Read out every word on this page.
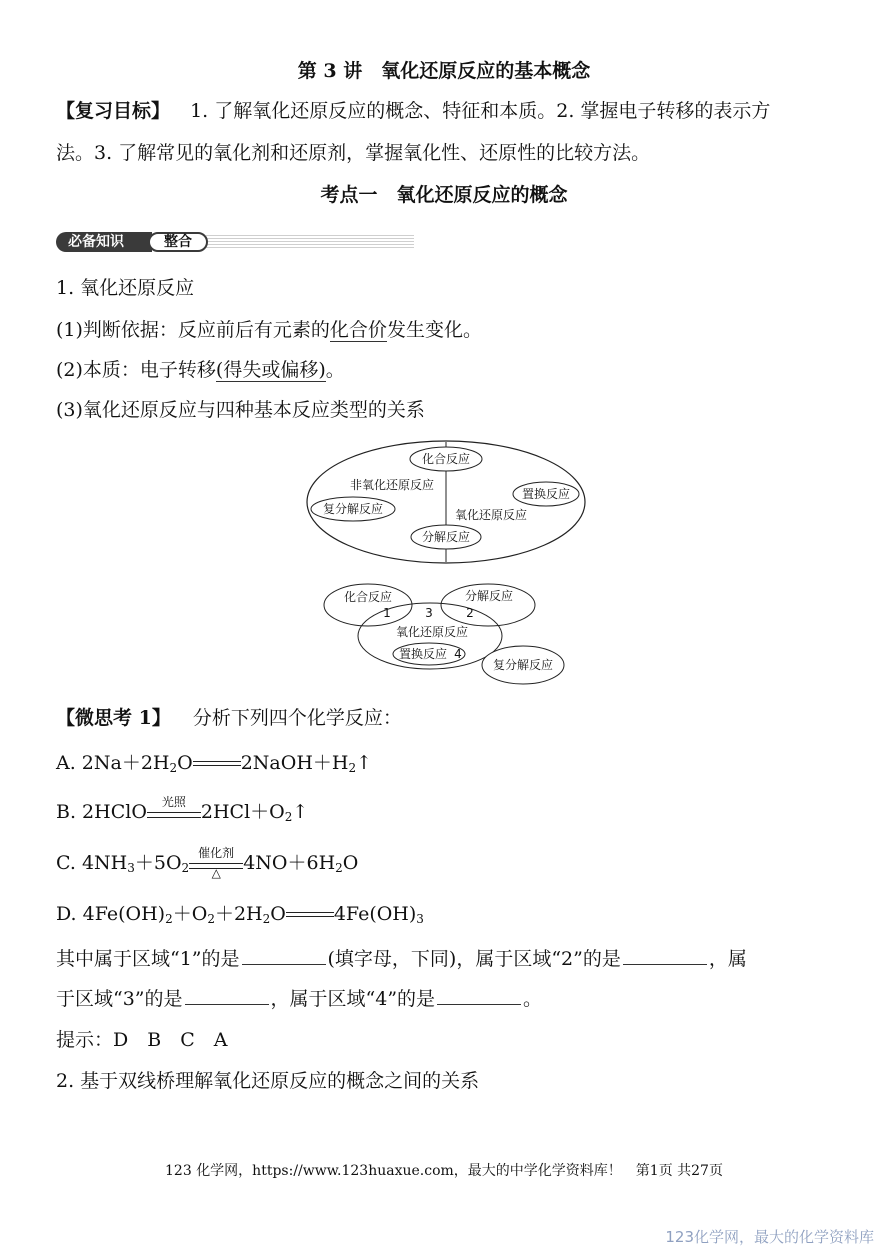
第 3 讲　氧化还原反应的基本概念
【复习目标】 1. 了解氧化还原反应的概念、特征和本质。2. 掌握电子转移的表示方
法。3. 了解常见的氧化剂和还原剂，掌握氧化性、还原性的比较方法。
考点一　氧化还原反应的概念
必备知识	整合
1. 氧化还原反应
(1)判断依据：反应前后有元素的化合价发生变化。
(2)本质：电子转移(得失或偏移)。
(3)氧化还原反应与四种基本反应类型的关系
化合反应
非氧化还原反应
置换反应
复分解反应	氧化还原反应
分解反应
化合反应	分解反应
1	3	2
氧化还原反应
置换反应 4
复分解反应
【微思考 1】 分析下列四个化学反应：
A. $2Na+2H_2O$	$2NaOH+H_2↑$
B. 2HClO	光照 $2HCl+O_2↑$
C. $4NH_3+5O_2$
催化剂
△	$4NO+6H_2O$
D. $4Fe(OH)_2+O_2+2H_2O$	$4Fe(OH)_3$
其中属于区域“1”的是	(填字母，下同)，属于区域“2”的是	，属
于区域“3”的是	，属于区域“4”的是	。
提示：D　B　C　A
2. 基于双线桥理解氧化还原反应的概念之间的关系
123 化学网，https://www.123huaxue.com，最大的中学化学资料库！　第1页 共27页
123化学网，最大的化学资料库
